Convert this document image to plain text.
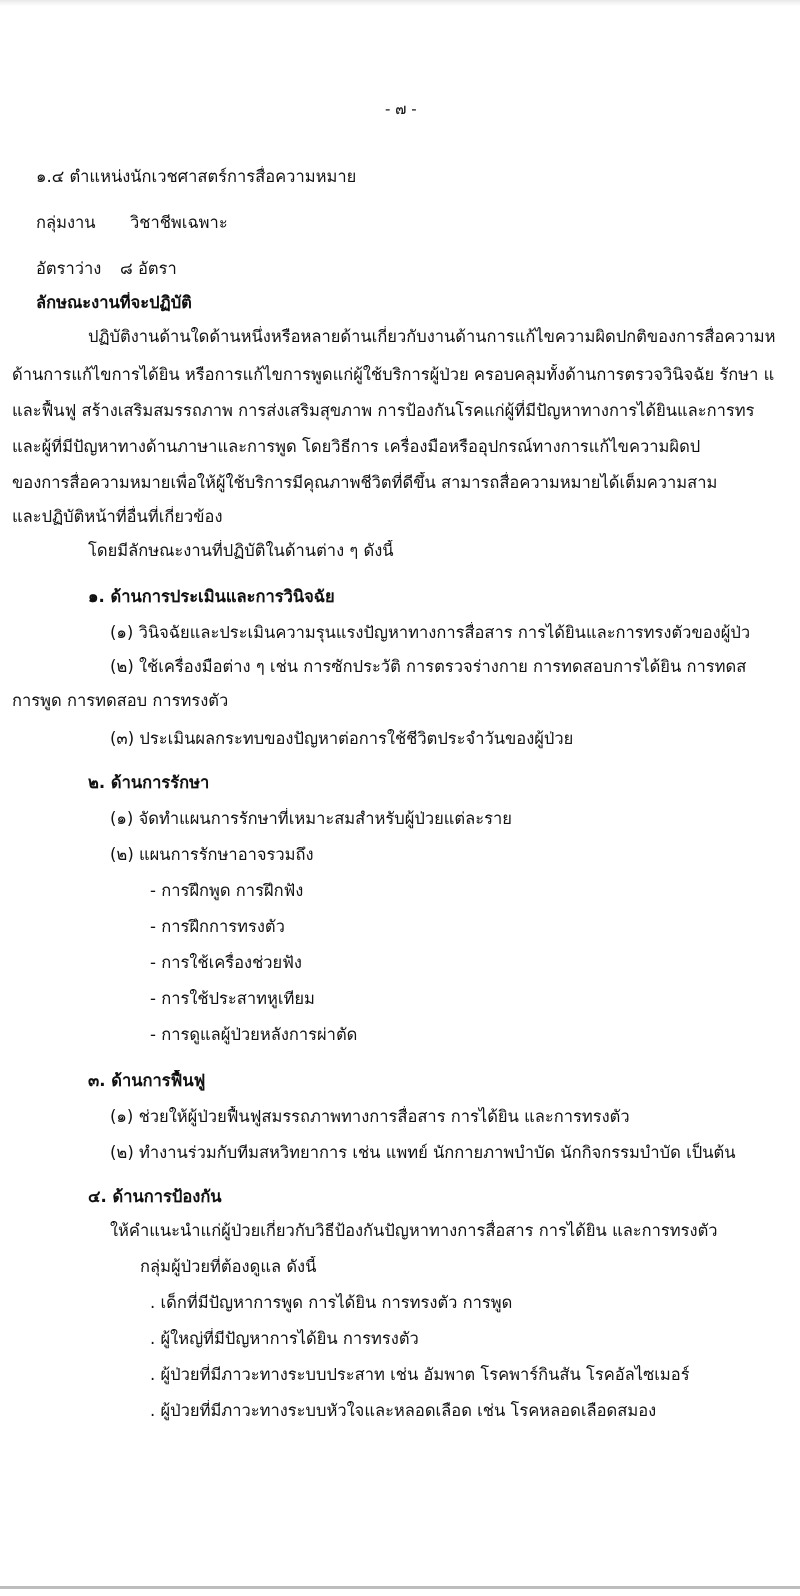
- ๗ -
๑.๔ ตำแหน่งนักเวชศาสตร์การสื่อความหมาย
กลุ่มงาน วิชาชีพเฉพาะ
อัตราว่าง ๘ อัตรา
ลักษณะงานที่จะปฏิบัติ
ปฏิบัติงานด้านใดด้านหนึ่งหรือหลายด้านเกี่ยวกับงานด้านการแก้ไขความผิดปกติของการสื่อความห
ด้านการแก้ไขการได้ยิน หรือการแก้ไขการพูดแก่ผู้ใช้บริการผู้ป่วย ครอบคลุมทั้งด้านการตรวจวินิจฉัย รักษา แ
และฟื้นฟู สร้างเสริมสมรรถภาพ การส่งเสริมสุขภาพ การป้องกันโรคแก่ผู้ที่มีปัญหาทางการได้ยินและการทร
และผู้ที่มีปัญหาทางด้านภาษาและการพูด โดยวิธีการ เครื่องมือหรืออุปกรณ์ทางการแก้ไขความผิดป
ของการสื่อความหมายเพื่อให้ผู้ใช้บริการมีคุณภาพชีวิตที่ดีขึ้น สามารถสื่อความหมายได้เต็มความสาม
และปฏิบัติหน้าที่อื่นที่เกี่ยวข้อง
โดยมีลักษณะงานที่ปฏิบัติในด้านต่าง ๆ ดังนี้
๑. ด้านการประเมินและการวินิจฉัย
(๑) วินิจฉัยและประเมินความรุนแรงปัญหาทางการสื่อสาร การได้ยินและการทรงตัวของผู้ป่ว
(๒) ใช้เครื่องมือต่าง ๆ เช่น การซักประวัติ การตรวจร่างกาย การทดสอบการได้ยิน การทดส
การพูด การทดสอบ การทรงตัว
(๓) ประเมินผลกระทบของปัญหาต่อการใช้ชีวิตประจำวันของผู้ป่วย
๒. ด้านการรักษา
(๑) จัดทำแผนการรักษาที่เหมาะสมสำหรับผู้ป่วยแต่ละราย
(๒) แผนการรักษาอาจรวมถึง
- การฝึกพูด การฝึกฟัง
- การฝึกการทรงตัว
- การใช้เครื่องช่วยฟัง
- การใช้ประสาทหูเทียม
- การดูแลผู้ป่วยหลังการผ่าตัด
๓. ด้านการฟื้นฟู
(๑) ช่วยให้ผู้ป่วยฟื้นฟูสมรรถภาพทางการสื่อสาร การได้ยิน และการทรงตัว
(๒) ทำงานร่วมกับทีมสหวิทยาการ เช่น แพทย์ นักกายภาพบำบัด นักกิจกรรมบำบัด เป็นต้น
๔. ด้านการป้องกัน
ให้คำแนะนำแก่ผู้ป่วยเกี่ยวกับวิธีป้องกันปัญหาทางการสื่อสาร การได้ยิน และการทรงตัว
กลุ่มผู้ป่วยที่ต้องดูแล ดังนี้
. เด็กที่มีปัญหาการพูด การได้ยิน การทรงตัว การพูด
. ผู้ใหญ่ที่มีปัญหาการได้ยิน การทรงตัว
. ผู้ป่วยที่มีภาวะทางระบบประสาท เช่น อัมพาต โรคพาร์กินสัน โรคอัลไซเมอร์
. ผู้ป่วยที่มีภาวะทางระบบหัวใจและหลอดเลือด เช่น โรคหลอดเลือดสมอง
